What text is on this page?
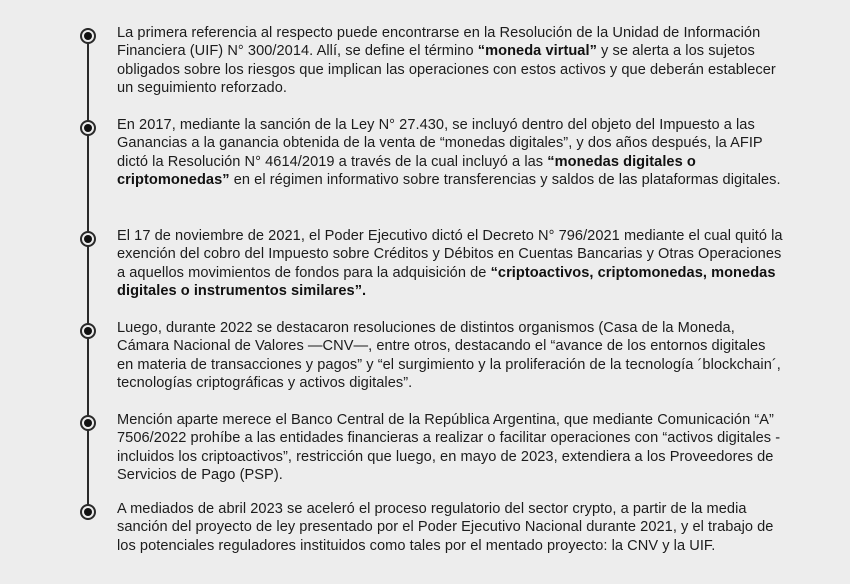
La primera referencia al respecto puede encontrarse en la Resolución de la Unidad de Información Financiera (UIF) N° 300/2014. Allí, se define el término “moneda virtual” y se alerta a los sujetos obligados sobre los riesgos que implican las operaciones con estos activos y que deberán establecer un seguimiento reforzado.

En 2017, mediante la sanción de la Ley N° 27.430, se incluyó dentro del objeto del Impuesto a las Ganancias a la ganancia obtenida de la venta de “monedas digitales”, y dos años después, la AFIP dictó la Resolución N° 4614/2019 a través de la cual incluyó a las “monedas digitales o criptomonedas” en el régimen informativo sobre transferencias y saldos de las plataformas digitales.

El 17 de noviembre de 2021, el Poder Ejecutivo dictó el Decreto N° 796/2021 mediante el cual quitó la exención del cobro del Impuesto sobre Créditos y Débitos en Cuentas Bancarias y Otras Operaciones a aquellos movimientos de fondos para la adquisición de “criptoactivos, criptomonedas, monedas digitales o instrumentos similares”.

Luego, durante 2022 se destacaron resoluciones de distintos organismos (Casa de la Moneda, Cámara Nacional de Valores —CNV—, entre otros, destacando el “avance de los entornos digitales en materia de transacciones y pagos” y “el surgimiento y la proliferación de la tecnología ´blockchain´, tecnologías criptográficas y activos digitales”.

Mención aparte merece el Banco Central de la República Argentina, que mediante Comunicación “A” 7506/2022 prohíbe a las entidades financieras a realizar o facilitar operaciones con “activos digitales - incluidos los criptoactivos”, restricción que luego, en mayo de 2023, extendiera a los Proveedores de Servicios de Pago (PSP).

A mediados de abril 2023 se aceleró el proceso regulatorio del sector crypto, a partir de la media sanción del proyecto de ley presentado por el Poder Ejecutivo Nacional durante 2021, y el trabajo de los potenciales reguladores instituidos como tales por el mentado proyecto: la CNV y la UIF.
